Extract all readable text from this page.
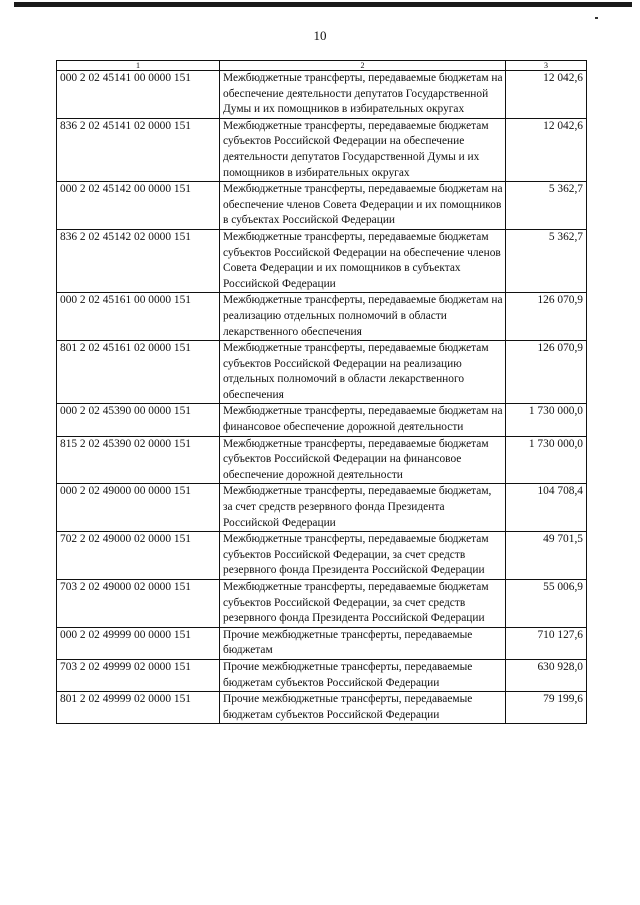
10
1	2	3
000 2 02 45141 00 0000 151	Межбюджетные трансферты, передаваемые бюджетам на обеспечение деятельности депутатов Государственной Думы и их помощников в избирательных округах	12 042,6
836 2 02 45141 02 0000 151	Межбюджетные трансферты, передаваемые бюджетам субъектов Российской Федерации на обеспечение деятельности депутатов Государственной Думы и их помощников в избирательных округах	12 042,6
000 2 02 45142 00 0000 151	Межбюджетные трансферты, передаваемые бюджетам на обеспечение членов Совета Федерации и их помощников в субъектах Российской Федерации	5 362,7
836 2 02 45142 02 0000 151	Межбюджетные трансферты, передаваемые бюджетам субъектов Российской Федерации на обеспечение членов Совета Федерации и их помощников в субъектах Российской Федерации	5 362,7
000 2 02 45161 00 0000 151	Межбюджетные трансферты, передаваемые бюджетам на реализацию отдельных полномочий в области лекарственного обеспечения	126 070,9
801 2 02 45161 02 0000 151	Межбюджетные трансферты, передаваемые бюджетам субъектов Российской Федерации на реализацию отдельных полномочий в области лекарственного обеспечения	126 070,9
000 2 02 45390 00 0000 151	Межбюджетные трансферты, передаваемые бюджетам на финансовое обеспечение дорожной деятельности	1 730 000,0
815 2 02 45390 02 0000 151	Межбюджетные трансферты, передаваемые бюджетам субъектов Российской Федерации на финансовое обеспечение дорожной деятельности	1 730 000,0
000 2 02 49000 00 0000 151	Межбюджетные трансферты, передаваемые бюджетам, за счет средств резервного фонда Президента Российской Федерации	104 708,4
702 2 02 49000 02 0000 151	Межбюджетные трансферты, передаваемые бюджетам субъектов Российской Федерации, за счет средств резервного фонда Президента Российской Федерации	49 701,5
703 2 02 49000 02 0000 151	Межбюджетные трансферты, передаваемые бюджетам субъектов Российской Федерации, за счет средств резервного фонда Президента Российской Федерации	55 006,9
000 2 02 49999 00 0000 151	Прочие межбюджетные трансферты, передаваемые бюджетам	710 127,6
703 2 02 49999 02 0000 151	Прочие межбюджетные трансферты, передаваемые бюджетам субъектов Российской Федерации	630 928,0
801 2 02 49999 02 0000 151	Прочие межбюджетные трансферты, передаваемые бюджетам субъектов Российской Федерации	79 199,6
